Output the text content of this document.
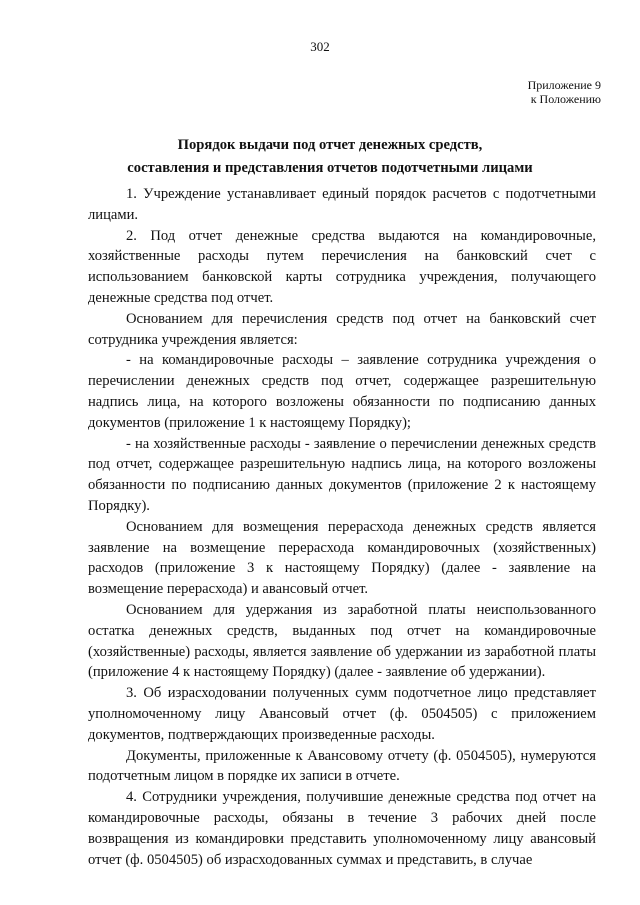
302
Приложение 9
к Положению
Порядок выдачи под отчет денежных средств,
составления и представления отчетов подотчетными лицами

1. Учреждение устанавливает единый порядок расчетов с подотчетными лицами.

2. Под отчет денежные средства выдаются на командировочные, хозяйственные расходы путем перечисления на банковский счет с использованием банковской карты сотрудника учреждения, получающего денежные средства под отчет.

Основанием для перечисления средств под отчет на банковский счет сотрудника учреждения является:

- на командировочные расходы – заявление сотрудника учреждения о перечислении денежных средств под отчет, содержащее разрешительную надпись лица, на которого возложены обязанности по подписанию данных документов (приложение 1 к настоящему Порядку);

- на хозяйственные расходы - заявление о перечислении денежных средств под отчет, содержащее разрешительную надпись лица, на которого возложены обязанности по подписанию данных документов (приложение 2 к настоящему Порядку).

Основанием для возмещения перерасхода денежных средств является заявление на возмещение перерасхода командировочных (хозяйственных) расходов (приложение 3 к настоящему Порядку) (далее - заявление на возмещение перерасхода) и авансовый отчет.

Основанием для удержания из заработной платы неиспользованного остатка денежных средств, выданных под отчет на командировочные (хозяйственные) расходы, является заявление об удержании из заработной платы (приложение 4 к настоящему Порядку) (далее - заявление об удержании).

3. Об израсходовании полученных сумм подотчетное лицо представляет уполномоченному лицу Авансовый отчет (ф. 0504505) с приложением документов, подтверждающих произведенные расходы.

Документы, приложенные к Авансовому отчету (ф. 0504505), нумеруются подотчетным лицом в порядке их записи в отчете.

4. Сотрудники учреждения, получившие денежные средства под отчет на командировочные расходы, обязаны в течение 3 рабочих дней после возвращения из командировки представить уполномоченному лицу авансовый отчет (ф. 0504505) об израсходованных суммах и представить, в случае
